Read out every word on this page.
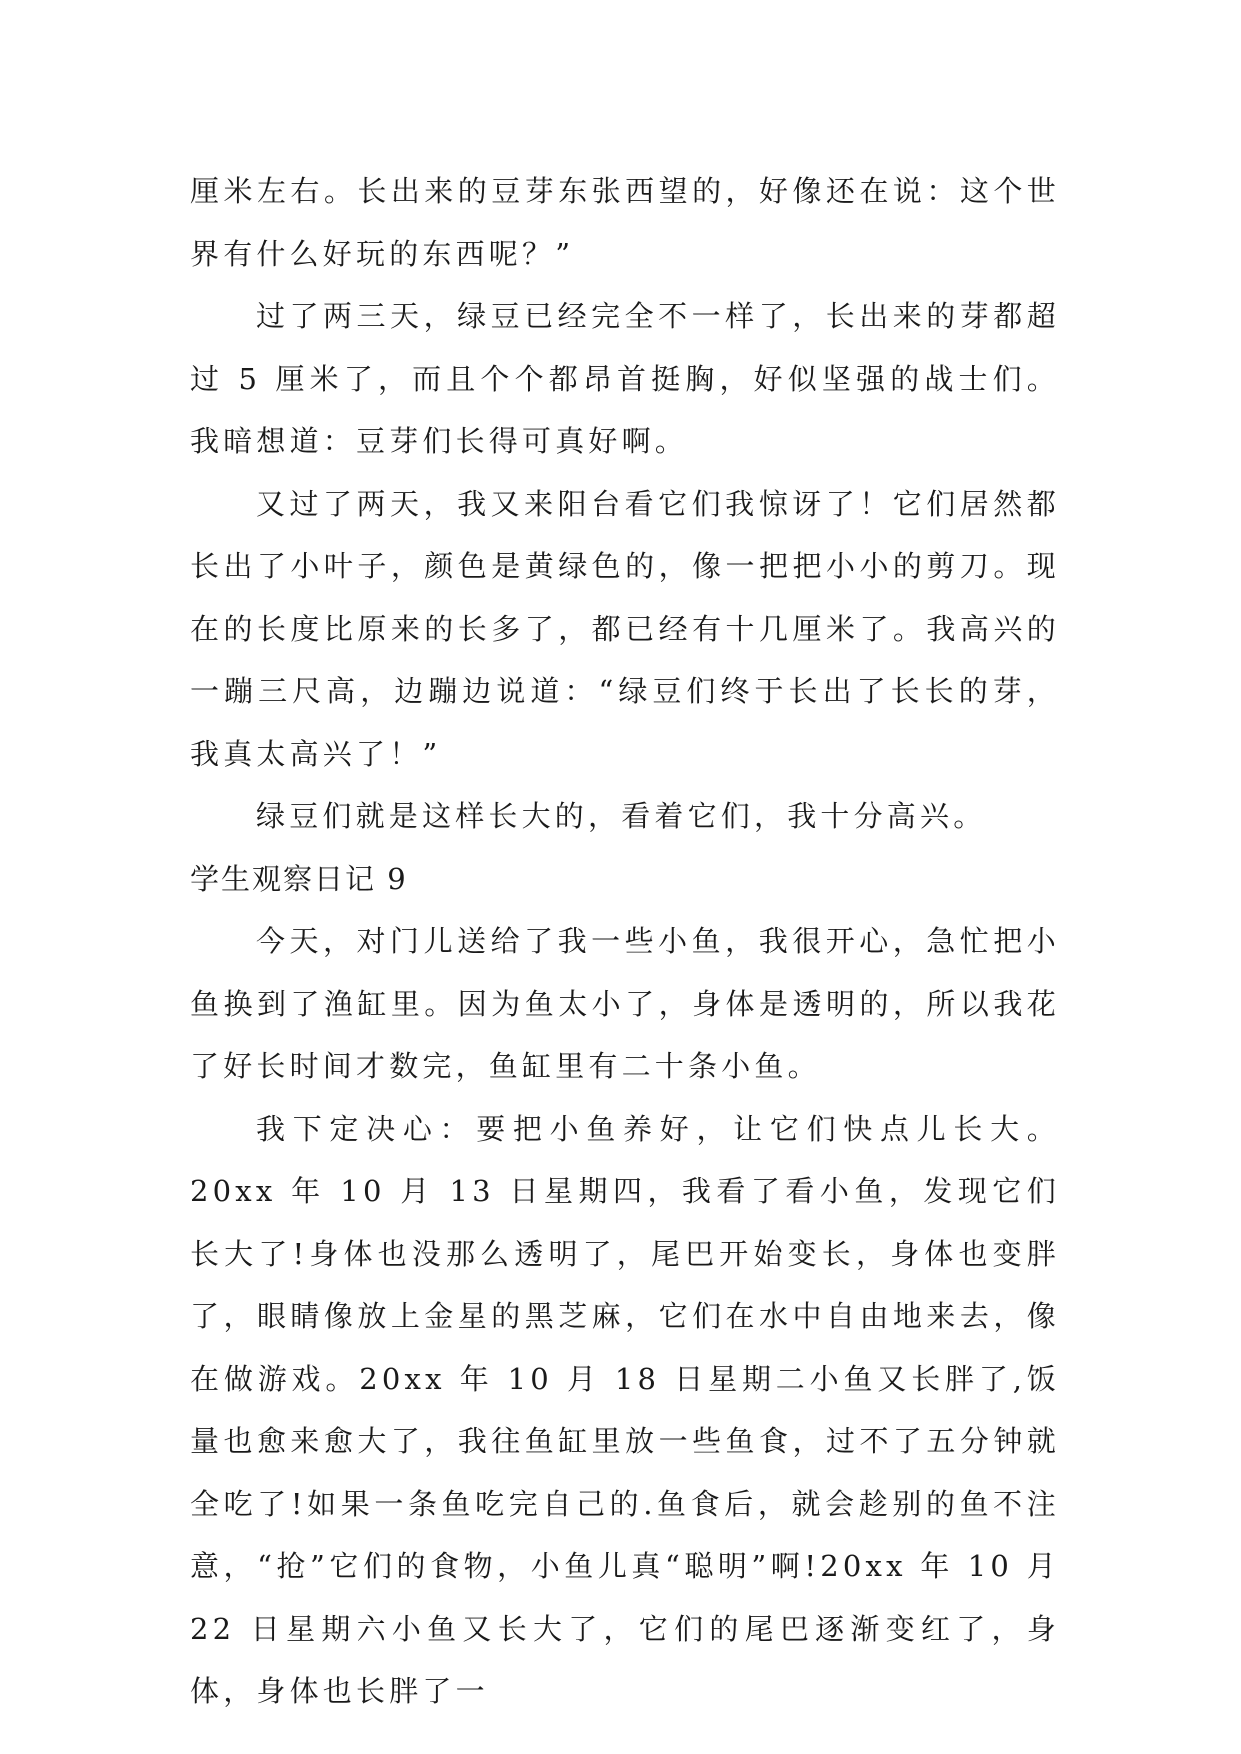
厘米左右。长出来的豆芽东张西望的，好像还在说：这个世界有什么好玩的东西呢？”

过了两三天，绿豆已经完全不一样了，长出来的芽都超过 5 厘米了，而且个个都昂首挺胸，好似坚强的战士们。我暗想道：豆芽们长得可真好啊。

又过了两天，我又来阳台看它们我惊讶了！它们居然都长出了小叶子，颜色是黄绿色的，像一把把小小的剪刀。现在的长度比原来的长多了，都已经有十几厘米了。我高兴的一蹦三尺高，边蹦边说道：“绿豆们终于长出了长长的芽，我真太高兴了！”

绿豆们就是这样长大的，看着它们，我十分高兴。

学生观察日记 9

今天，对门儿送给了我一些小鱼，我很开心，急忙把小鱼换到了渔缸里。因为鱼太小了，身体是透明的，所以我花了好长时间才数完，鱼缸里有二十条小鱼。

我下定决心：要把小鱼养好，让它们快点儿长大。20xx 年 10 月 13 日星期四，我看了看小鱼，发现它们长大了!身体也没那么透明了，尾巴开始变长，身体也变胖了，眼睛像放上金星的黑芝麻，它们在水中自由地来去，像在做游戏。20xx 年 10 月 18 日星期二小鱼又长胖了,饭量也愈来愈大了，我往鱼缸里放一些鱼食，过不了五分钟就全吃了!如果一条鱼吃完自己的.鱼食后，就会趁别的鱼不注意，“抢”它们的食物，小鱼儿真“聪明”啊!20xx 年 10 月 22 日星期六小鱼又长大了，它们的尾巴逐渐变红了，身体，身体也长胖了一
